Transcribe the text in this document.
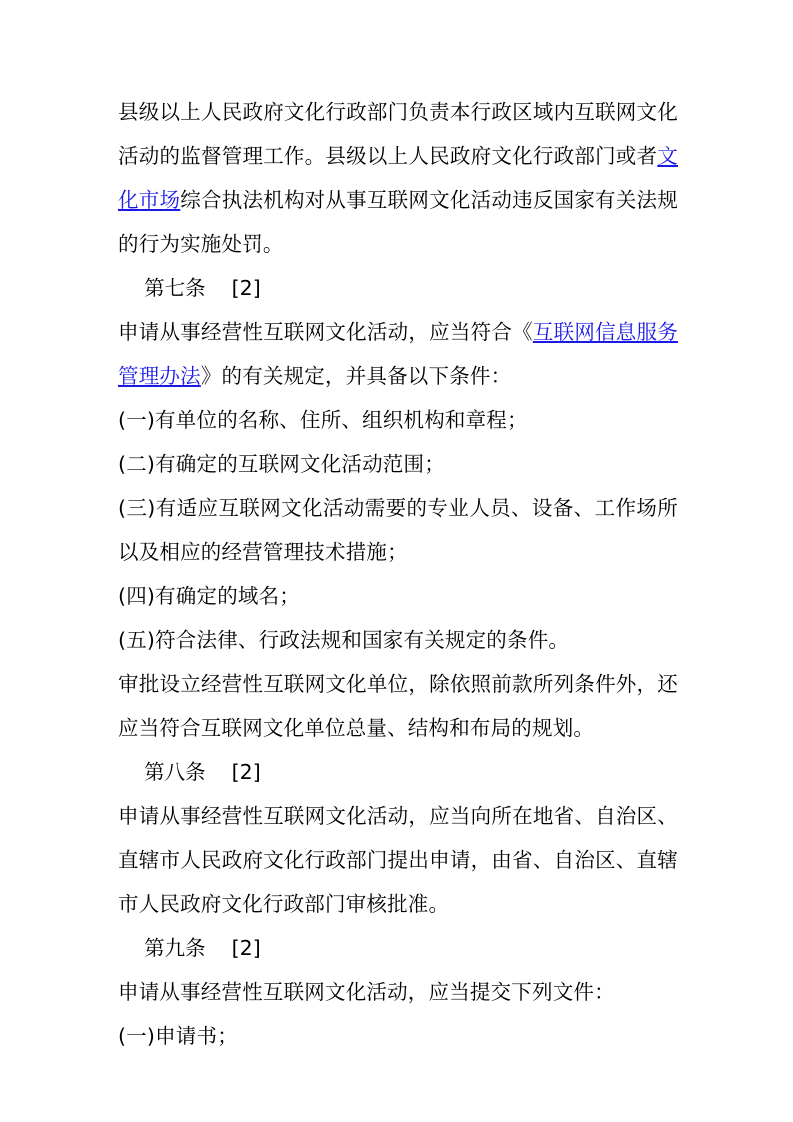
县级以上人民政府文化行政部门负责本行政区域内互联网文化活动的监督管理工作。县级以上人民政府文化行政部门或者文化市场综合执法机构对从事互联网文化活动违反国家有关法规的行为实施处罚。

第七条 [2]

申请从事经营性互联网文化活动，应当符合《互联网信息服务管理办法》的有关规定，并具备以下条件：

(一)有单位的名称、住所、组织机构和章程；

(二)有确定的互联网文化活动范围；

(三)有适应互联网文化活动需要的专业人员、设备、工作场所以及相应的经营管理技术措施；

(四)有确定的域名；

(五)符合法律、行政法规和国家有关规定的条件。

审批设立经营性互联网文化单位，除依照前款所列条件外，还应当符合互联网文化单位总量、结构和布局的规划。

第八条 [2]

申请从事经营性互联网文化活动，应当向所在地省、自治区、直辖市人民政府文化行政部门提出申请，由省、自治区、直辖市人民政府文化行政部门审核批准。

第九条 [2]

申请从事经营性互联网文化活动，应当提交下列文件：

(一)申请书；
